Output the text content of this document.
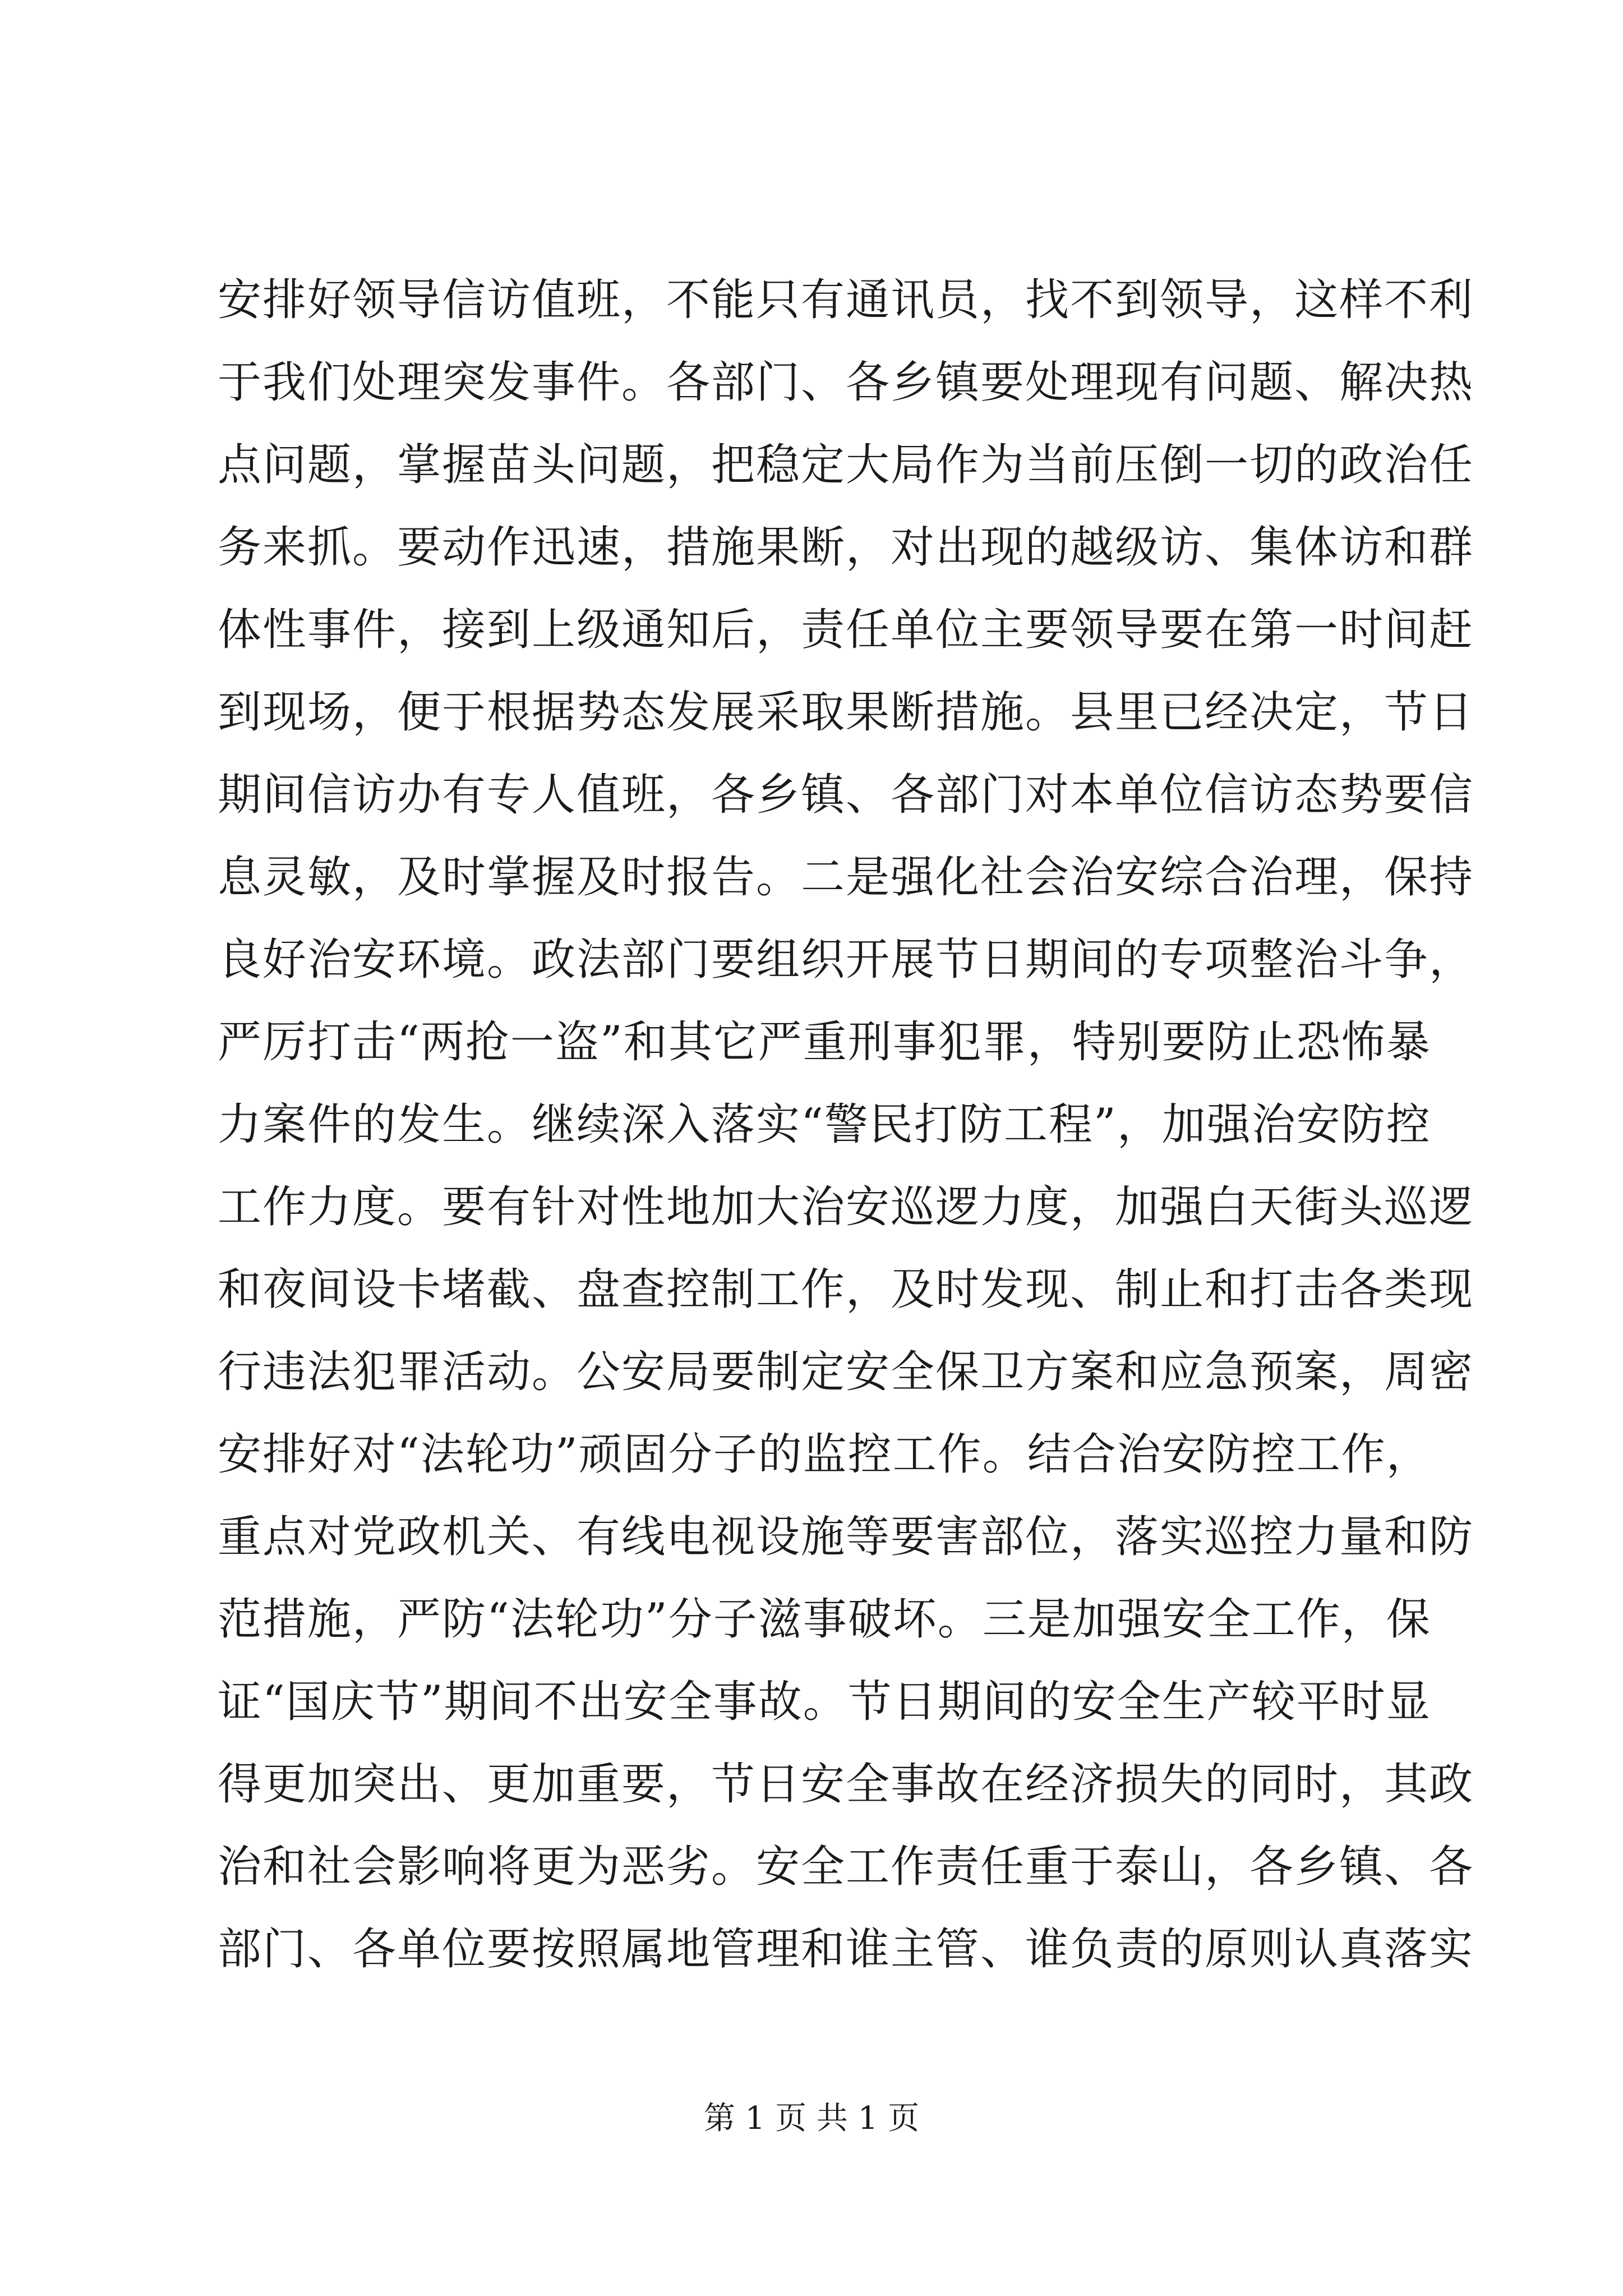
安排好领导信访值班，不能只有通讯员，找不到领导，这样不利
于我们处理突发事件。各部门、各乡镇要处理现有问题、解决热
点问题，掌握苗头问题，把稳定大局作为当前压倒一切的政治任
务来抓。要动作迅速，措施果断，对出现的越级访、集体访和群
体性事件，接到上级通知后，责任单位主要领导要在第一时间赶
到现场，便于根据势态发展采取果断措施。县里已经决定，节日
期间信访办有专人值班，各乡镇、各部门对本单位信访态势要信
息灵敏，及时掌握及时报告。二是强化社会治安综合治理，保持
良好治安环境。政法部门要组织开展节日期间的专项整治斗争，
严厉打击“两抢一盗”和其它严重刑事犯罪，特别要防止恐怖暴
力案件的发生。继续深入落实“警民打防工程”，加强治安防控
工作力度。要有针对性地加大治安巡逻力度，加强白天街头巡逻
和夜间设卡堵截、盘查控制工作，及时发现、制止和打击各类现
行违法犯罪活动。公安局要制定安全保卫方案和应急预案，周密
安排好对“法轮功”顽固分子的监控工作。结合治安防控工作，
重点对党政机关、有线电视设施等要害部位，落实巡控力量和防
范措施，严防“法轮功”分子滋事破坏。三是加强安全工作，保
证“国庆节”期间不出安全事故。节日期间的安全生产较平时显
得更加突出、更加重要，节日安全事故在经济损失的同时，其政
治和社会影响将更为恶劣。安全工作责任重于泰山，各乡镇、各
部门、各单位要按照属地管理和谁主管、谁负责的原则认真落实
第 1 页 共 1 页
